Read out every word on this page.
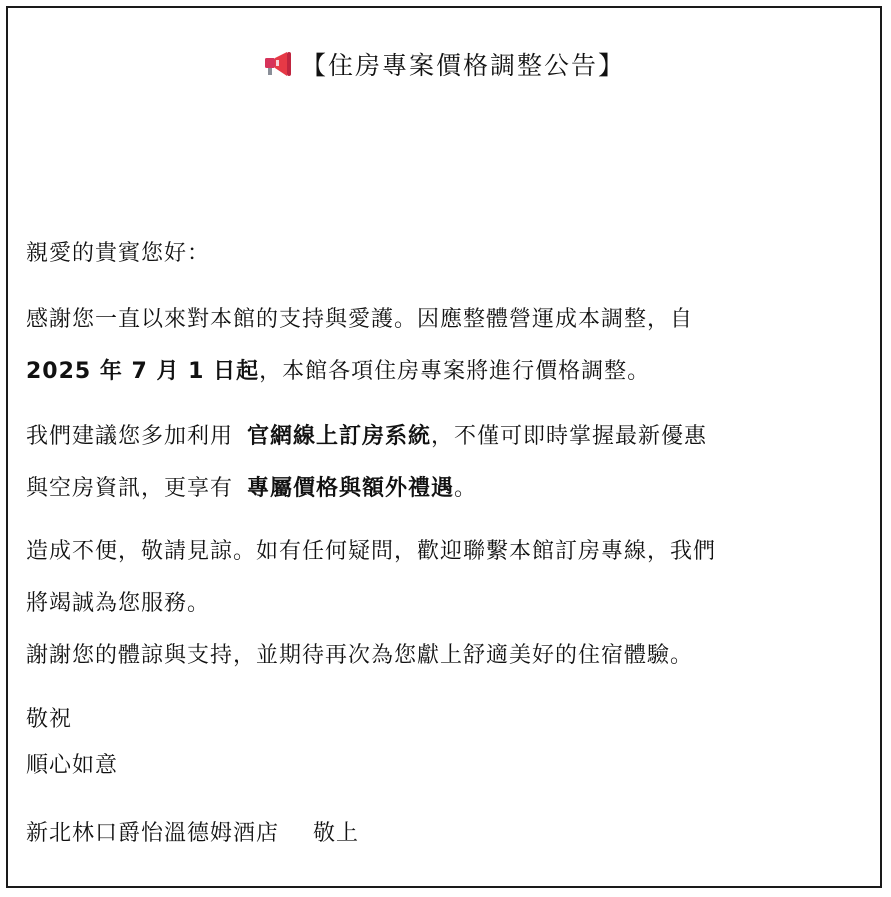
【住房專案價格調整公告】
親愛的貴賓您好：
感謝您一直以來對本館的支持與愛護。因應整體營運成本調整，自
2025 年 7 月 1 日起，本館各項住房專案將進行價格調整。
我們建議您多加利用 官網線上訂房系統，不僅可即時掌握最新優惠
與空房資訊，更享有 專屬價格與額外禮遇。
造成不便，敬請見諒。如有任何疑問，歡迎聯繫本館訂房專線，我們
將竭誠為您服務。
謝謝您的體諒與支持，並期待再次為您獻上舒適美好的住宿體驗。
敬祝
順心如意
新北林口爵怡溫德姆酒店 敬上
